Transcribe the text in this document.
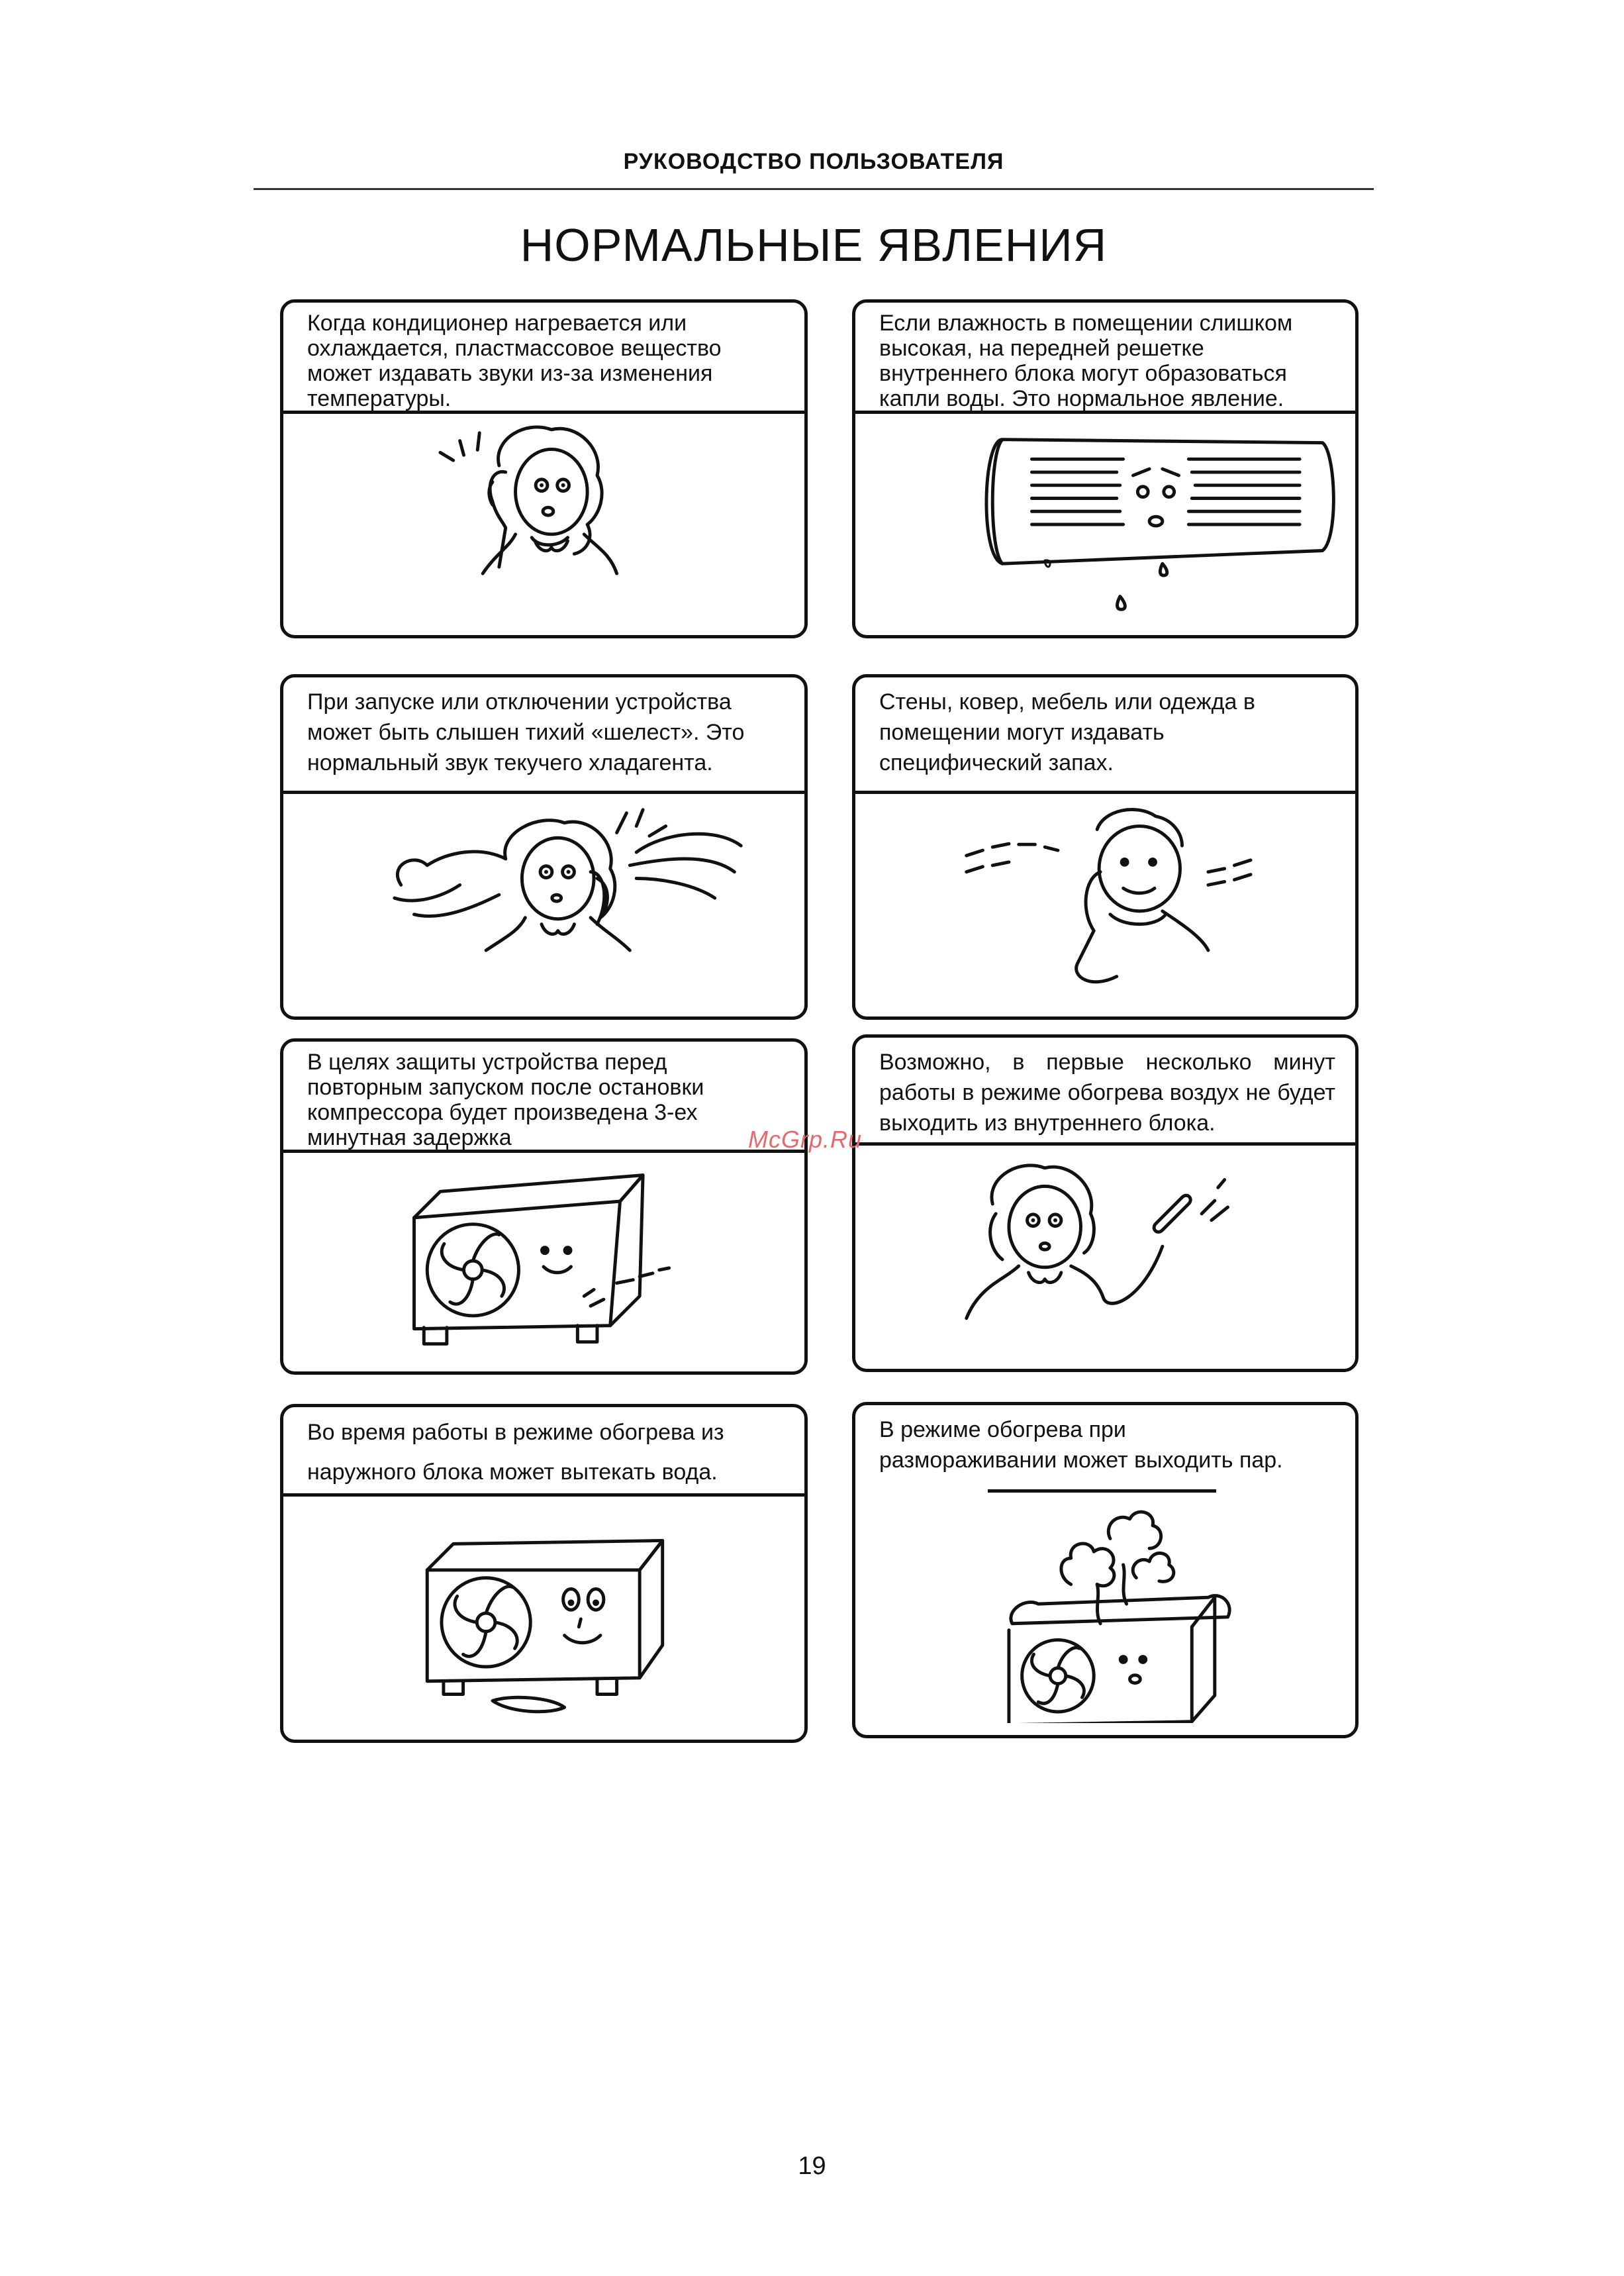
РУКОВОДСТВО ПОЛЬЗОВАТЕЛЯ
НОРМАЛЬНЫЕ ЯВЛЕНИЯ
Когда кондиционер нагревается или
охлаждается, пластмассовое вещество
может издавать звуки из-за изменения
температуры.
Если влажность в помещении слишком
высокая, на передней решетке
внутреннего блока могут образоваться
капли воды. Это нормальное явление.
При запуске или отключении устройства
может быть слышен тихий «шелест». Это
нормальный звук текучего хладагента.
Стены, ковер, мебель или одежда в
помещении могут издавать
специфический запах.
В целях защиты устройства перед
повторным запуском после остановки
компрессора будет произведена 3-ех
минутная задержка
Возможно, в первые несколько минут работы в режиме обогрева воздух не будет выходить из внутреннего блока.
Во время работы в режиме обогрева из
наружного блока может вытекать вода.
В режиме обогрева при
размораживании может выходить пар.
McGrp.Ru
19
